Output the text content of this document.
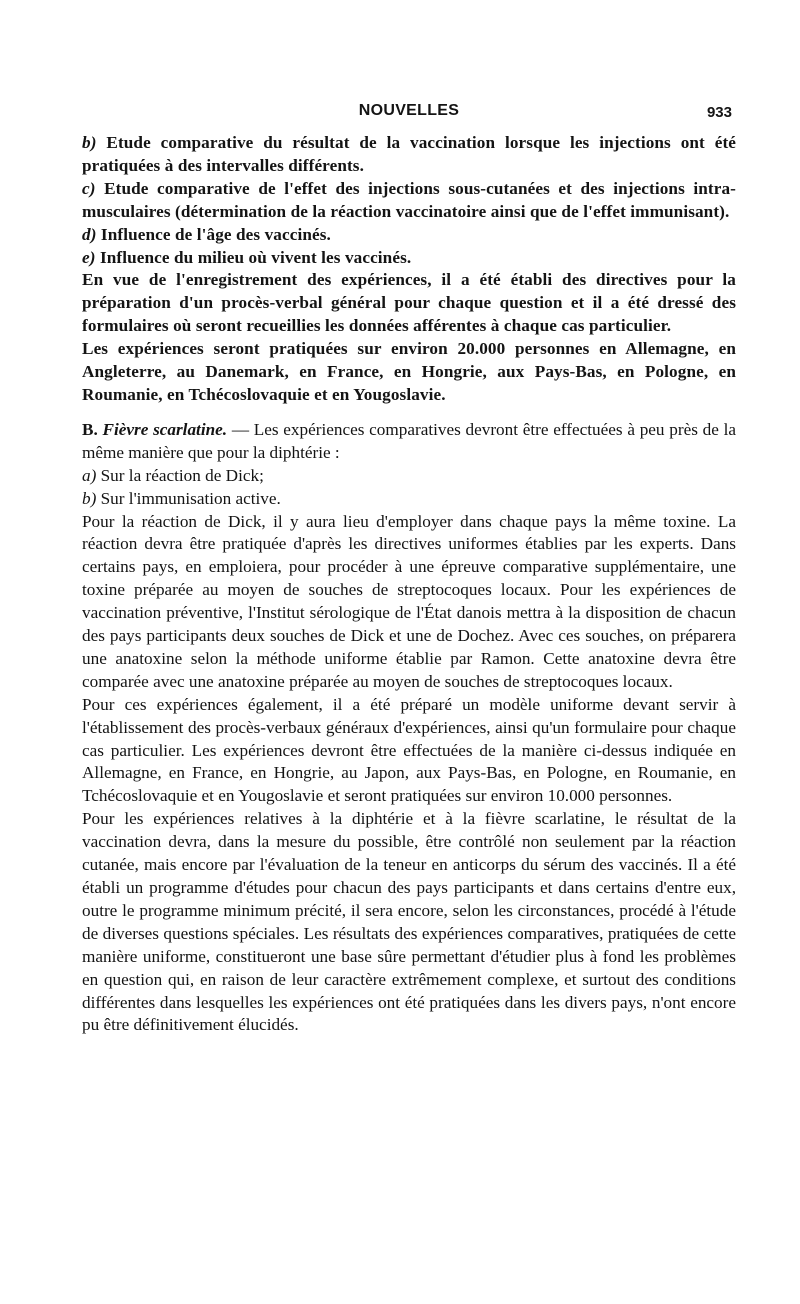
NOUVELLES	933

b) Etude comparative du résultat de la vaccination lorsque les injections ont été pratiquées à des intervalles différents.

c) Etude comparative de l'effet des injections sous-cutanées et des injections intra-musculaires (détermination de la réaction vaccinatoire ainsi que de l'effet immunisant).

d) Influence de l'âge des vaccinés.

e) Influence du milieu où vivent les vaccinés.

En vue de l'enregistrement des expériences, il a été établi des directives pour la préparation d'un procès-verbal général pour chaque question et il a été dressé des formulaires où seront recueillies les données afférentes à chaque cas particulier.

Les expériences seront pratiquées sur environ 20.000 personnes en Allemagne, en Angleterre, au Danemark, en France, en Hongrie, aux Pays-Bas, en Pologne, en Roumanie, en Tchécoslovaquie et en Yougoslavie.

B. Fièvre scarlatine. — Les expériences comparatives devront être effectuées à peu près de la même manière que pour la diphtérie :

a) Sur la réaction de Dick;

b) Sur l'immunisation active.

Pour la réaction de Dick, il y aura lieu d'employer dans chaque pays la même toxine. La réaction devra être pratiquée d'après les directives uniformes établies par les experts. Dans certains pays, en emploiera, pour procéder à une épreuve comparative supplémentaire, une toxine préparée au moyen de souches de streptocoques locaux. Pour les expériences de vaccination préventive, l'Institut sérologique de l'État danois mettra à la disposition de chacun des pays participants deux souches de Dick et une de Dochez. Avec ces souches, on préparera une anatoxine selon la méthode uniforme établie par Ramon. Cette anatoxine devra être comparée avec une anatoxine préparée au moyen de souches de streptocoques locaux.

Pour ces expériences également, il a été préparé un modèle uniforme devant servir à l'établissement des procès-verbaux généraux d'expériences, ainsi qu'un formulaire pour chaque cas particulier. Les expériences devront être effectuées de la manière ci-dessus indiquée en Allemagne, en France, en Hongrie, au Japon, aux Pays-Bas, en Pologne, en Roumanie, en Tchécoslovaquie et en Yougoslavie et seront pratiquées sur environ 10.000 personnes.

Pour les expériences relatives à la diphtérie et à la fièvre scarlatine, le résultat de la vaccination devra, dans la mesure du possible, être contrôlé non seulement par la réaction cutanée, mais encore par l'évaluation de la teneur en anticorps du sérum des vaccinés. Il a été établi un programme d'études pour chacun des pays participants et dans certains d'entre eux, outre le programme minimum précité, il sera encore, selon les circonstances, procédé à l'étude de diverses questions spéciales. Les résultats des expériences comparatives, pratiquées de cette manière uniforme, constitueront une base sûre permettant d'étudier plus à fond les problèmes en question qui, en raison de leur caractère extrêmement complexe, et surtout des conditions différentes dans lesquelles les expériences ont été pratiquées dans les divers pays, n'ont encore pu être définitivement élucidés.
